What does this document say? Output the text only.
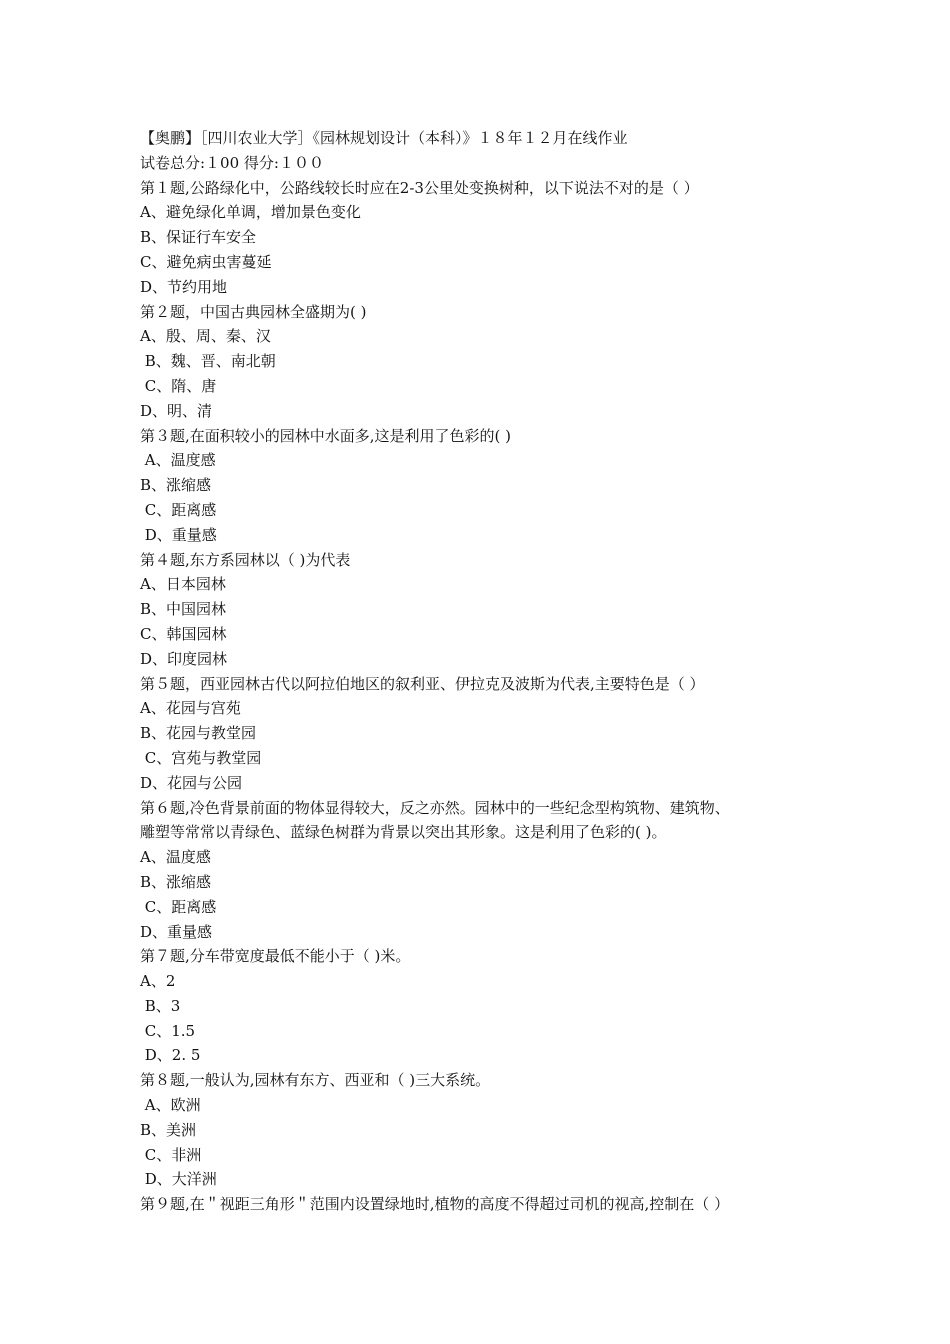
【奥鹏】［四川农业大学］《园林规划设计（本科）》１８年１２月在线作业
试卷总分:１00 得分:１００
第１题,公路绿化中，公路线较长时应在2-3公里处变换树种，以下说法不对的是（ ）
A、避免绿化单调，增加景色变化
B、保证行车安全
C、避免病虫害蔓延
D、节约用地
第２题，中国古典园林全盛期为( )
A、殷、周、秦、汉
B、魏、晋、南北朝
C、隋、唐
D、明、清
第３题,在面积较小的园林中水面多,这是利用了色彩的( )
A、温度感
B、涨缩感
C、距离感
D、重量感
第４题,东方系园林以（ )为代表
A、日本园林
B、中国园林
C、韩国园林
D、印度园林
第５题，西亚园林古代以阿拉伯地区的叙利亚、伊拉克及波斯为代表,主要特色是（ ）
A、花园与宫苑
B、花园与教堂园
C、宫苑与教堂园
D、花园与公园
第６题,冷色背景前面的物体显得较大，反之亦然。园林中的一些纪念型构筑物、建筑物、
雕塑等常常以青绿色、蓝绿色树群为背景以突出其形象。这是利用了色彩的( )。
A、温度感
B、涨缩感
C、距离感
D、重量感
第７题,分车带宽度最低不能小于（ )米。
A、2
B、3
C、1.5
D、2. 5
第８题,一般认为,园林有东方、西亚和（ )三大系统。
A、欧洲
B、美洲
C、非洲
D、大洋洲
第９题,在＂视距三角形＂范围内设置绿地时,植物的高度不得超过司机的视高,控制在（ ）
